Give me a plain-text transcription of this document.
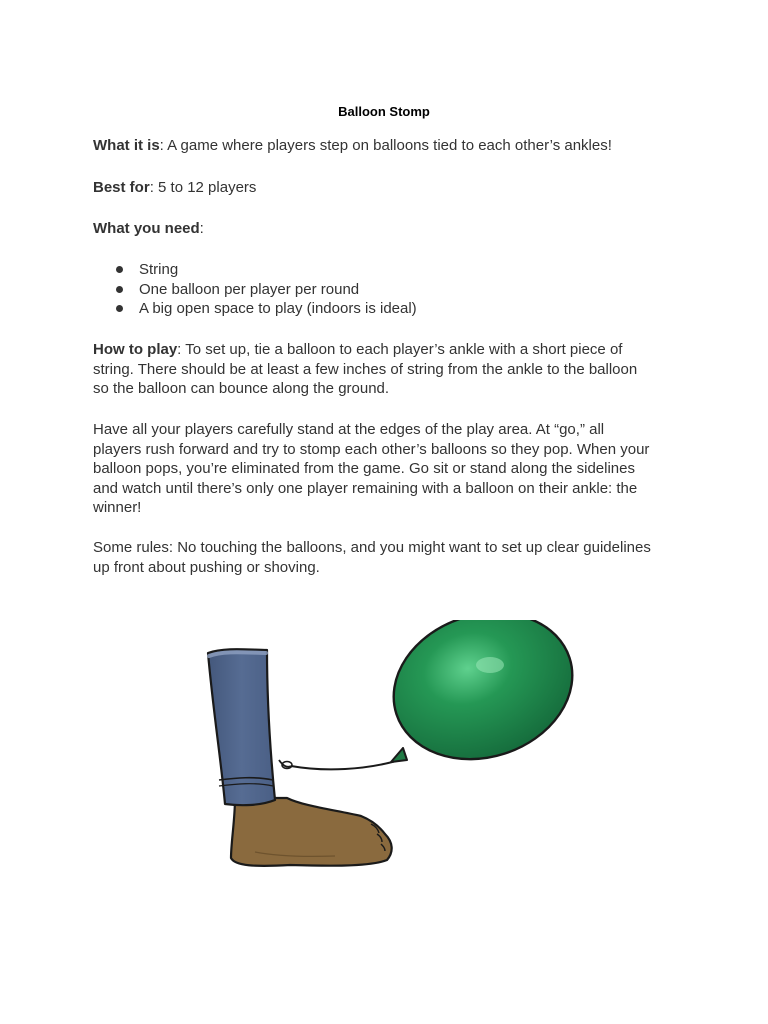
Balloon Stomp

What it is: A game where players step on balloons tied to each other’s ankles!

Best for: 5 to 12 players

What you need:

String
One balloon per player per round
A big open space to play (indoors is ideal)

How to play: To set up, tie a balloon to each player’s ankle with a short piece of
string. There should be at least a few inches of string from the ankle to the balloon
so the balloon can bounce along the ground.

Have all your players carefully stand at the edges of the play area. At “go,” all
players rush forward and try to stomp each other’s balloons so they pop. When your
balloon pops, you’re eliminated from the game. Go sit or stand along the sidelines
and watch until there’s only one player remaining with a balloon on their ankle: the
winner!

Some rules: No touching the balloons, and you might want to set up clear guidelines
up front about pushing or shoving.
